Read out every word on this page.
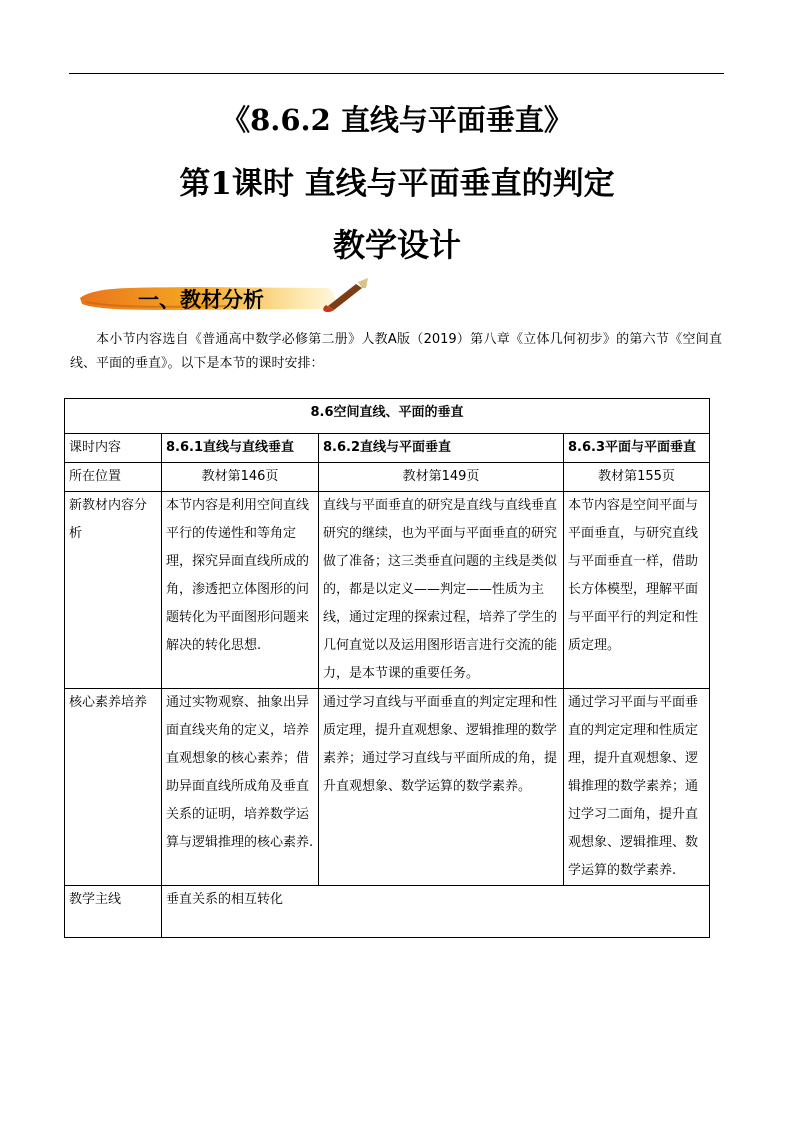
《8.6.2 直线与平面垂直》
第1课时 直线与平面垂直的判定
教学设计
一、教材分析
本小节内容选自《普通高中数学必修第二册》人教A版（2019）第八章《立体几何初步》的第六节《空间直线、平面的垂直》。以下是本节的课时安排：
8.6空间直线、平面的垂直			
课时内容	8.6.1直线与直线垂直	8.6.2直线与平面垂直	8.6.3平面与平面垂直
所在位置	教材第146页	教材第149页	教材第155页
新教材内容分析	本节内容是利用空间直线平行的传递性和等角定理，探究异面直线所成的角，渗透把立体图形的问题转化为平面图形问题来解决的转化思想.	直线与平面垂直的研究是直线与直线垂直研究的继续，也为平面与平面垂直的研究做了准备；这三类垂直问题的主线是类似的，都是以定义——判定——性质为主线，通过定理的探索过程，培养了学生的几何直觉以及运用图形语言进行交流的能力，是本节课的重要任务。	本节内容是空间平面与平面垂直，与研究直线与平面垂直一样，借助长方体模型，理解平面与平面平行的判定和性质定理。
核心素养培养	通过实物观察、抽象出异面直线夹角的定义，培养直观想象的核心素养；借助异面直线所成角及垂直关系的证明，培养数学运算与逻辑推理的核心素养.	通过学习直线与平面垂直的判定定理和性质定理，提升直观想象、逻辑推理的数学素养；通过学习直线与平面所成的角，提升直观想象、数学运算的数学素养。	通过学习平面与平面垂直的判定定理和性质定理，提升直观想象、逻辑推理的数学素养；通过学习二面角，提升直观想象、逻辑推理、数学运算的数学素养.
教学主线	垂直关系的相互转化		
